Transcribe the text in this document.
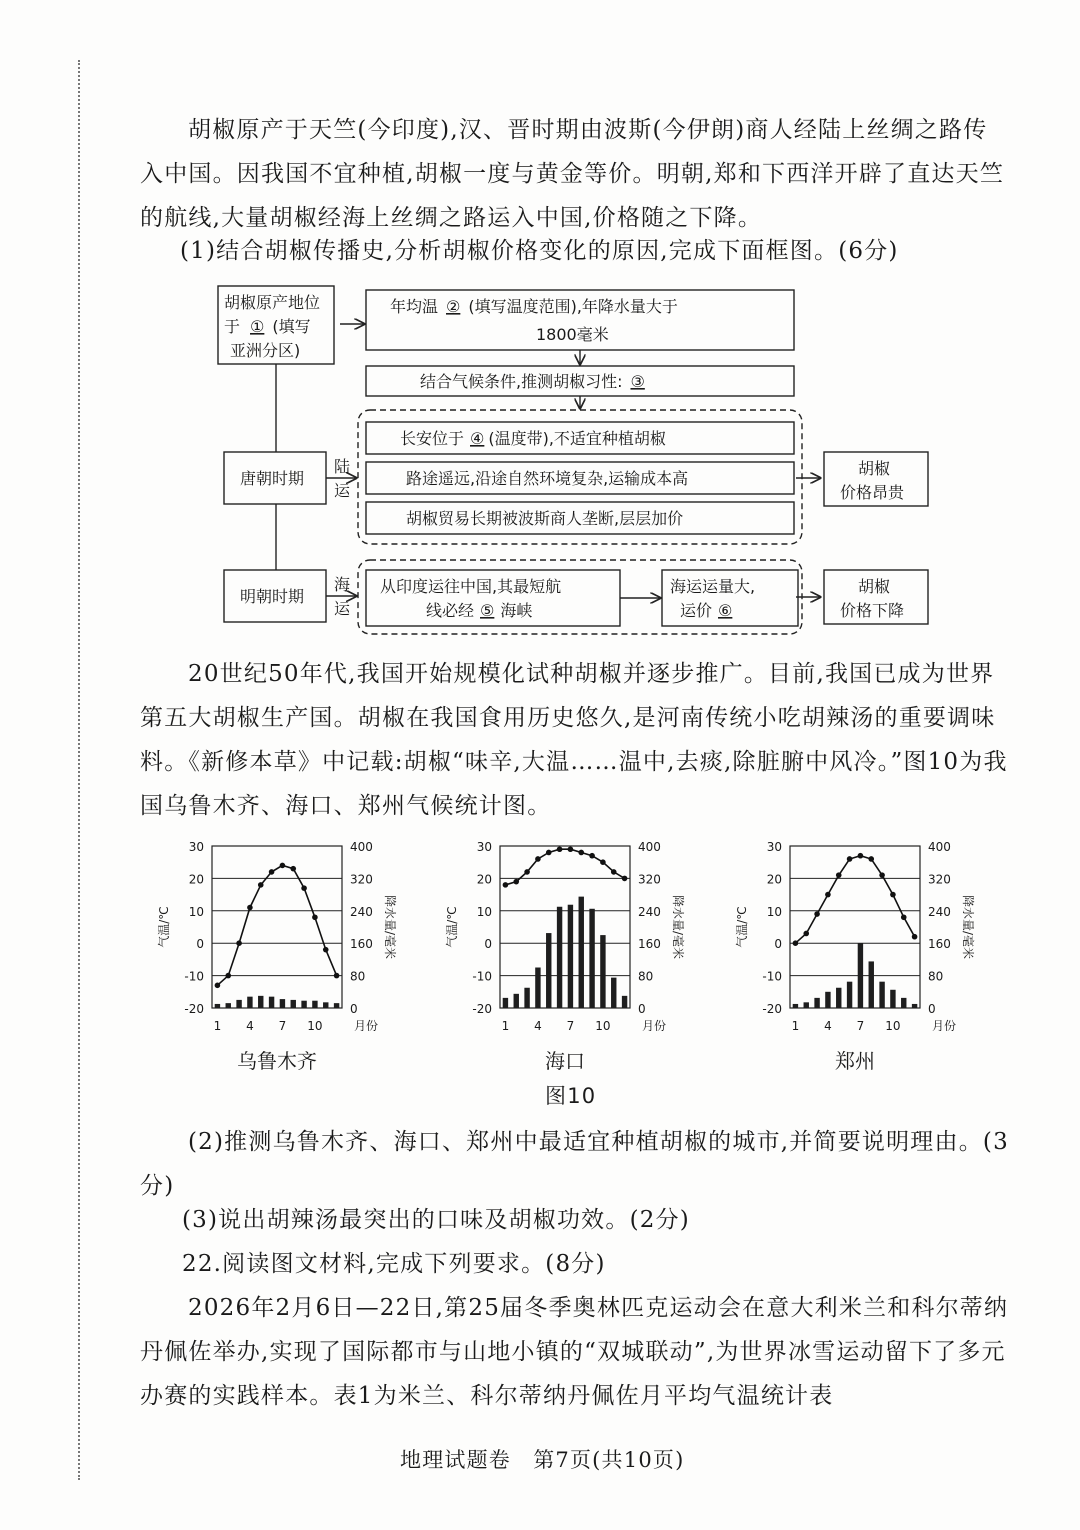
胡椒原产于天竺(今印度),汉、晋时期由波斯(今伊朗)商人经陆上丝绸之路传入中国。因我国不宜种植,胡椒一度与黄金等价。明朝,郑和下西洋开辟了直达天竺的航线,大量胡椒经海上丝绸之路运入中国,价格随之下降。

(1)结合胡椒传播史,分析胡椒价格变化的原因,完成下面框图。(6分)

胡椒原产地位
于 ① (填写
亚洲分区)
年均温 ② (填写温度范围),年降水量大于
1800毫米
结合气候条件,推测胡椒习性: ③
长安位于 ④ (温度带),不适宜种植胡椒
路途遥远,沿途自然环境复杂,运输成本高
胡椒贸易长期被波斯商人垄断,层层加价
唐朝时期
明朝时期
陆
运
海
运
从印度运往中国,其最短航
线必经 ⑤ 海峡
海运运量大,
运价 ⑥
胡椒
价格昂贵
胡椒
价格下降

20世纪50年代,我国开始规模化试种胡椒并逐步推广。目前,我国已成为世界第五大胡椒生产国。胡椒在我国食用历史悠久,是河南传统小吃胡辣汤的重要调味料。《新修本草》中记载:胡椒“味辛,大温……温中,去痰,除脏腑中风冷。”图10为我国乌鲁木齐、海口、郑州气候统计图。

30
20
10
0
-10
-20
400
320
240
160
80
0
1 4 7 10	月份
气温/℃	降水量/毫米
乌鲁木齐
30
20
10
0
-10
-20
400
320
240
160
80
0
1 4 7 10	月份
气温/℃	降水量/毫米
海口
30
20
10
0
-10
-20
400
320
240
160
80
0
1 4 7 10	月份
气温/℃	降水量/毫米
郑州

图10

(2)推测乌鲁木齐、海口、郑州中最适宜种植胡椒的城市,并简要说明理由。(3分)

(3)说出胡辣汤最突出的口味及胡椒功效。(2分)

22.阅读图文材料,完成下列要求。(8分)

2026年2月6日—22日,第25届冬季奥林匹克运动会在意大利米兰和科尔蒂纳丹佩佐举办,实现了国际都市与山地小镇的“双城联动”,为世界冰雪运动留下了多元办赛的实践样本。表1为米兰、科尔蒂纳丹佩佐月平均气温统计表

地理试题卷　第7页(共10页)
